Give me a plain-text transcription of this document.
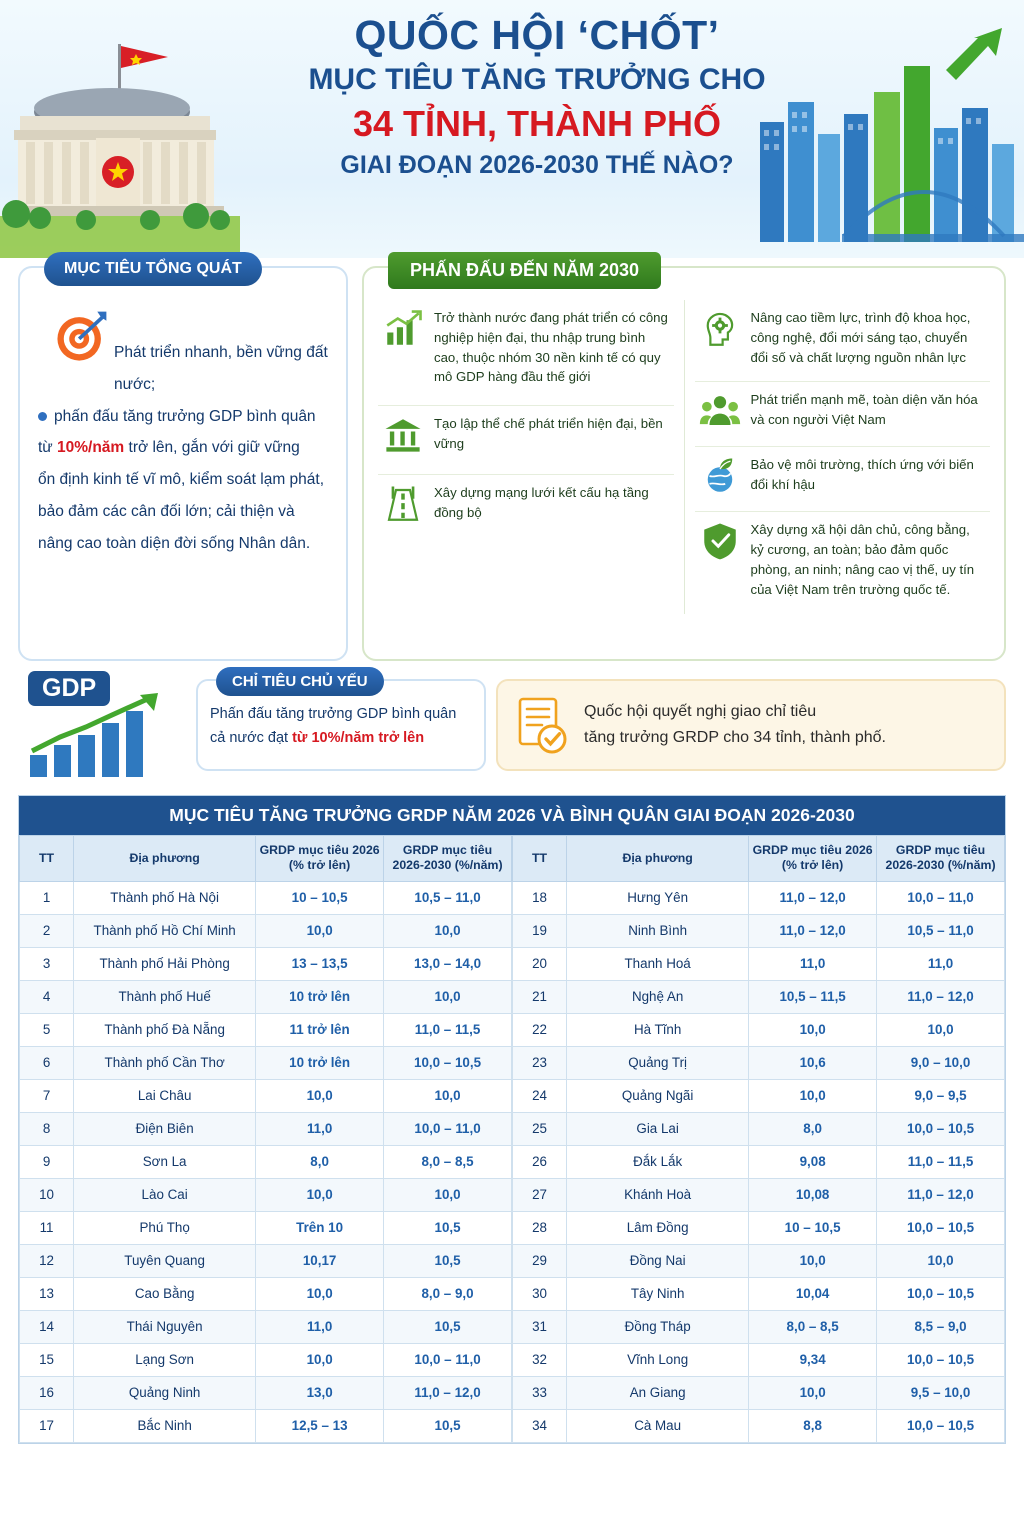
QUỐC HỘI ‘CHỐT’
MỤC TIÊU TĂNG TRƯỞNG CHO
34 TỈNH, THÀNH PHỐ
GIAI ĐOẠN 2026-2030 THẾ NÀO?
MỤC TIÊU TỔNG QUÁT
Phát triển nhanh, bền vững đất nước;
phấn đấu tăng trưởng GDP bình quân
từ 10%/năm trở lên, gắn với giữ vững
ổn định kinh tế vĩ mô, kiểm soát lạm phát,
bảo đảm các cân đối lớn; cải thiện và
nâng cao toàn diện đời sống Nhân dân.
PHẤN ĐẤU ĐẾN NĂM 2030
Trở thành nước đang phát triển có công nghiệp hiện đại, thu nhập trung bình cao, thuộc nhóm 30 nền kinh tế có quy mô GDP hàng đầu thế giới
Tạo lập thể chế phát triển hiện đại, bền vững
Xây dựng mạng lưới kết cấu hạ tầng đồng bộ
Nâng cao tiềm lực, trình độ khoa học, công nghệ, đổi mới sáng tạo, chuyển đổi số và chất lượng nguồn nhân lực
Phát triển mạnh mẽ, toàn diện văn hóa và con người Việt Nam
Bảo vệ môi trường, thích ứng với biến đổi khí hậu
Xây dựng xã hội dân chủ, công bằng, kỷ cương, an toàn; bảo đảm quốc phòng, an ninh; nâng cao vị thế, uy tín của Việt Nam trên trường quốc tế.
GDP	CHỈ TIÊU CHỦ YẾU
Phấn đấu tăng trưởng GDP bình quân
cả nước đạt từ 10%/năm trở lên
Quốc hội quyết nghị giao chỉ tiêu
tăng trưởng GRDP cho 34 tỉnh, thành phố.
MỤC TIÊU TĂNG TRƯỞNG GRDP NĂM 2026 VÀ BÌNH QUÂN GIAI ĐOẠN 2026-2030
TT	Địa phương	GRDP mục tiêu 2026 (% trở lên)	GRDP mục tiêu 2026-2030 (%/năm)
1	Thành phố Hà Nội	10 – 10,5	10,5 – 11,0
2	Thành phố Hồ Chí Minh	10,0	10,0
3	Thành phố Hải Phòng	13 – 13,5	13,0 – 14,0
4	Thành phố Huế	10 trở lên	10,0
5	Thành phố Đà Nẵng	11 trở lên	11,0 – 11,5
6	Thành phố Cần Thơ	10 trở lên	10,0 – 10,5
7	Lai Châu	10,0	10,0
8	Điện Biên	11,0	10,0 – 11,0
9	Sơn La	8,0	8,0 – 8,5
10	Lào Cai	10,0	10,0
11	Phú Thọ	Trên 10	10,5
12	Tuyên Quang	10,17	10,5
13	Cao Bằng	10,0	8,0 – 9,0
14	Thái Nguyên	11,0	10,5
15	Lạng Sơn	10,0	10,0 – 11,0
16	Quảng Ninh	13,0	11,0 – 12,0
17	Bắc Ninh	12,5 – 13	10,5
TT	Địa phương	GRDP mục tiêu 2026 (% trở lên)	GRDP mục tiêu 2026-2030 (%/năm)
18	Hưng Yên	11,0 – 12,0	10,0 – 11,0
19	Ninh Bình	11,0 – 12,0	10,5 – 11,0
20	Thanh Hoá	11,0	11,0
21	Nghệ An	10,5 – 11,5	11,0 – 12,0
22	Hà Tĩnh	10,0	10,0
23	Quảng Trị	10,6	9,0 – 10,0
24	Quảng Ngãi	10,0	9,0 – 9,5
25	Gia Lai	8,0	10,0 – 10,5
26	Đắk Lắk	9,08	11,0 – 11,5
27	Khánh Hoà	10,08	11,0 – 12,0
28	Lâm Đồng	10 – 10,5	10,0 – 10,5
29	Đồng Nai	10,0	10,0
30	Tây Ninh	10,04	10,0 – 10,5
31	Đồng Tháp	8,0 – 8,5	8,5 – 9,0
32	Vĩnh Long	9,34	10,0 – 10,5
33	An Giang	10,0	9,5 – 10,0
34	Cà Mau	8,8	10,0 – 10,5
